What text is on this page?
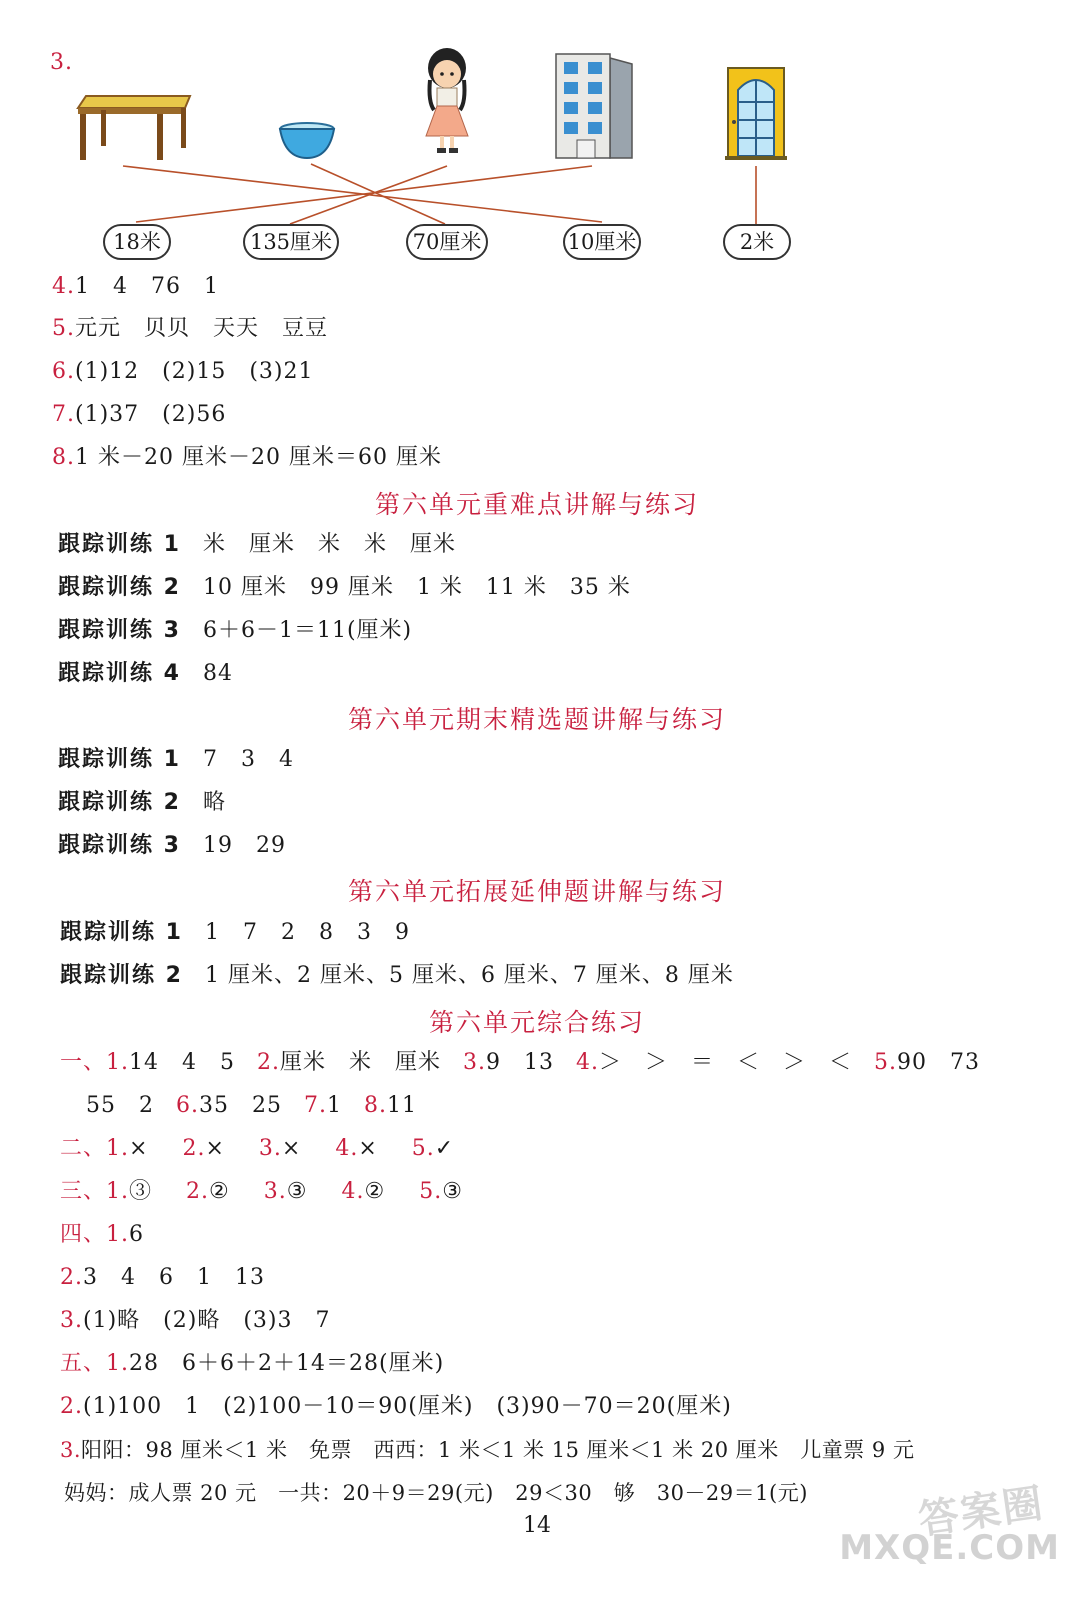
3.
18米	135厘米	70厘米	10厘米	2米
4.1　4　76　1
5.元元　贝贝　天天　豆豆
6.(1)12　(2)15　(3)21
7.(1)37　(2)56
8.1 米－20 厘米－20 厘米＝60 厘米
第六单元重难点讲解与练习
跟踪训练 1 米　厘米　米　米　厘米
跟踪训练 2 10 厘米　99 厘米　1 米　11 米　35 米
跟踪训练 3 6＋6－1＝11(厘米)
跟踪训练 4 84
第六单元期末精选题讲解与练习
跟踪训练 1 7　3　4
跟踪训练 2 略
跟踪训练 3 19　29
第六单元拓展延伸题讲解与练习
跟踪训练 1 1　7　2　8　3　9
跟踪训练 2 1 厘米、2 厘米、5 厘米、6 厘米、7 厘米、8 厘米
第六单元综合练习
一、1.14　4　5 2.厘米　米　厘米 3.9　13 4.＞　＞　＝　＜　＞　＜ 5.90　73
55　2 6.35　25 7.1 8.11
二、1.× 2.× 3.× 4.× 5.✓
三、1.③ 2.② 3.③ 4.② 5.③
四、1.6
2.3　4　6　1　13
3.(1)略　(2)略　(3)3　7
五、1.28　6＋6＋2＋14＝28(厘米)
2.(1)100　1　(2)100－10＝90(厘米)　(3)90－70＝20(厘米)
3.阳阳：98 厘米＜1 米　免票　西西：1 米＜1 米 15 厘米＜1 米 20 厘米　儿童票 9 元
妈妈：成人票 20 元　一共：20＋9＝29(元)　29＜30　够　30－29＝1(元)
14	答案圈
MXQE.COM
